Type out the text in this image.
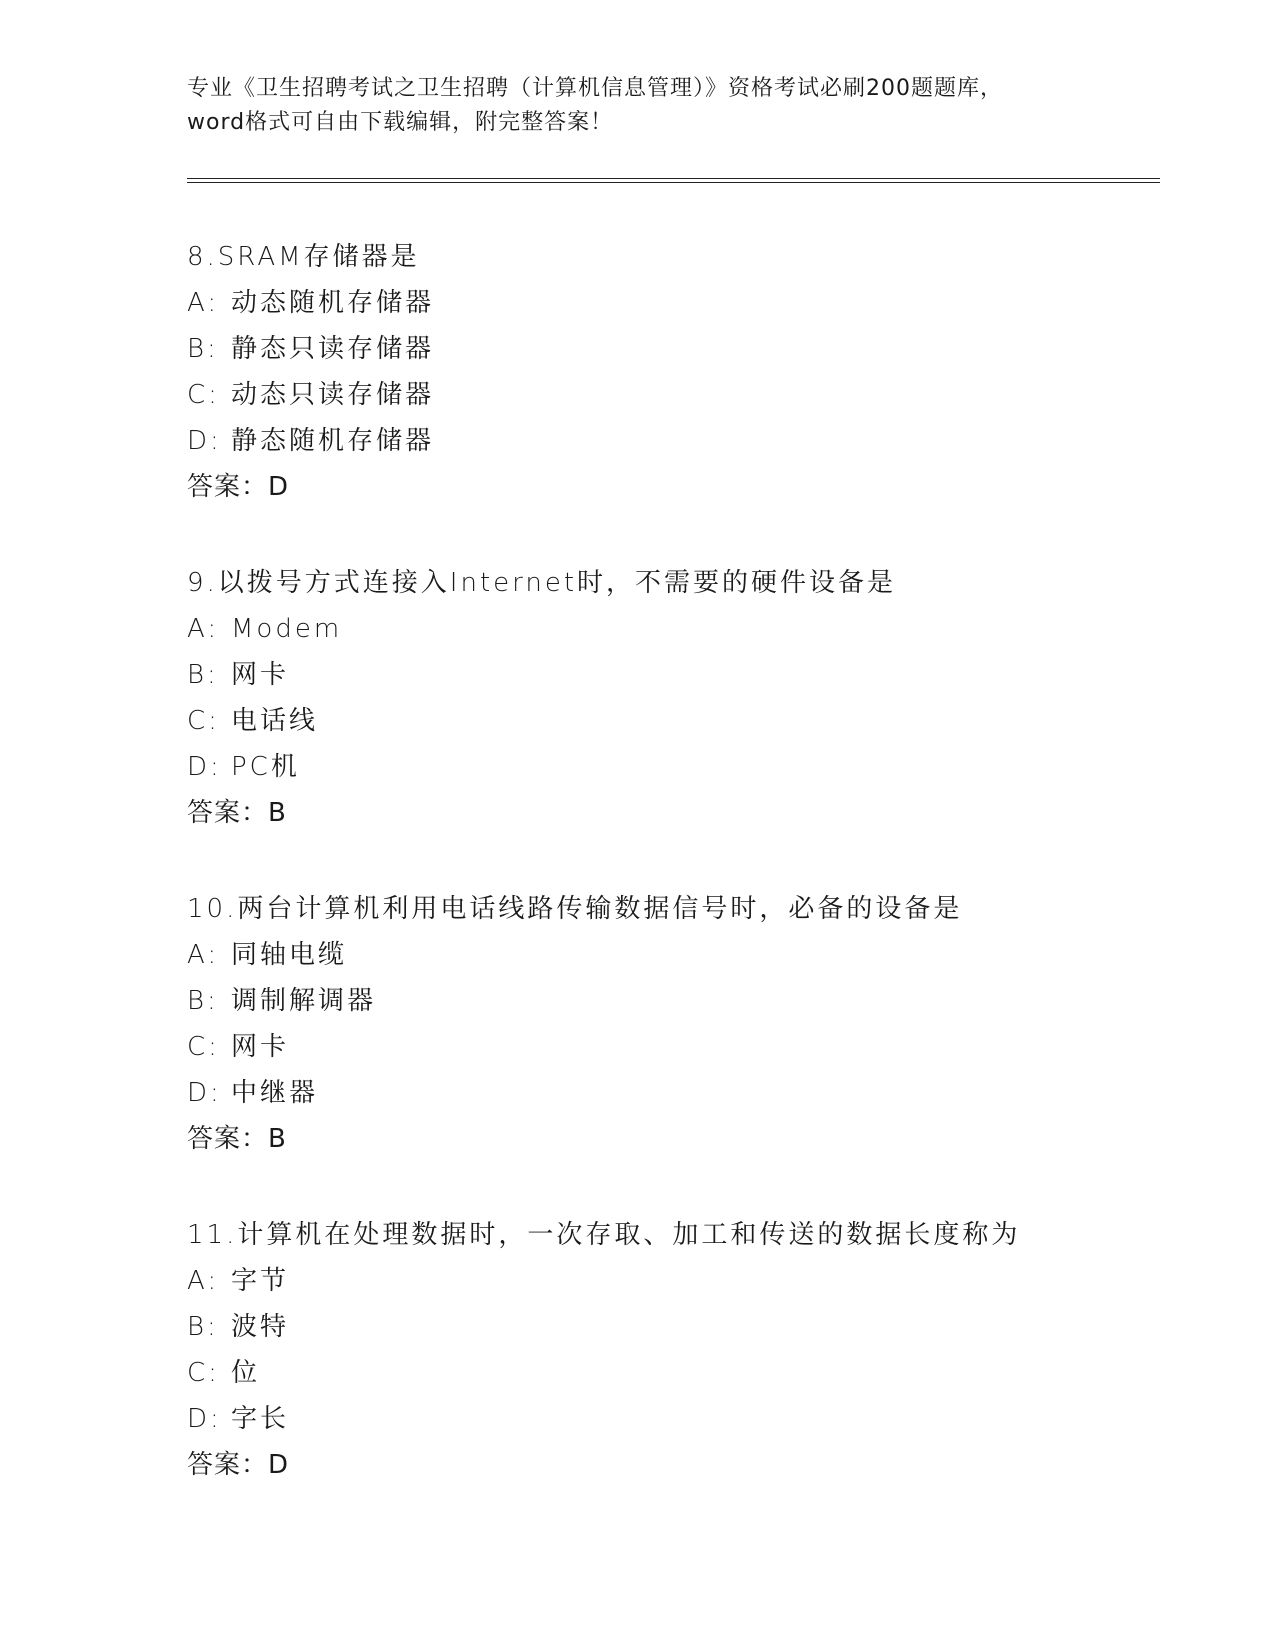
专业《卫生招聘考试之卫生招聘（计算机信息管理）》资格考试必刷200题题库，
word格式可自由下载编辑，附完整答案！
8.SRAM存储器是
A: 动态随机存储器
B: 静态只读存储器
C: 动态只读存储器
D: 静态随机存储器
答案：D
9.以拨号方式连接入Internet时，不需要的硬件设备是
A: Modem
B: 网卡
C: 电话线
D: PC机
答案：B
10.两台计算机利用电话线路传输数据信号时，必备的设备是
A: 同轴电缆
B: 调制解调器
C: 网卡
D: 中继器
答案：B
11.计算机在处理数据时，一次存取、加工和传送的数据长度称为
A: 字节
B: 波特
C: 位
D: 字长
答案：D
